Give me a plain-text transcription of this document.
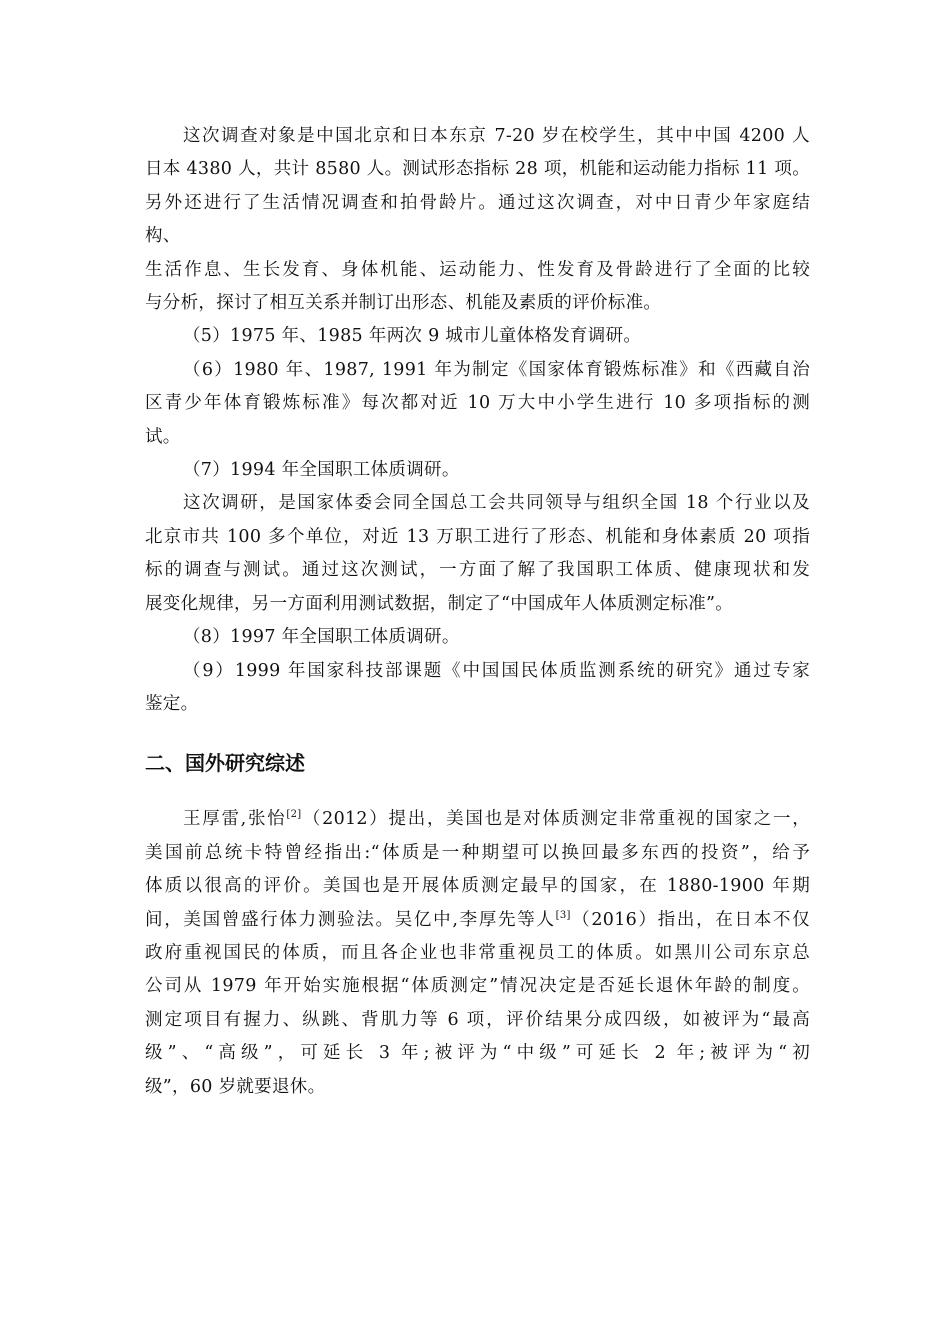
这次调查对象是中国北京和日本东京 7-20 岁在校学生，其中中国 4200 人
日本 4380 人，共计 8580 人。测试形态指标 28 项，机能和运动能力指标 11 项。
另外还进行了生活情况调查和拍骨龄片。通过这次调查，对中日青少年家庭结
构、
生活作息、生长发育、身体机能、运动能力、性发育及骨龄进行了全面的比较
与分析，探讨了相互关系并制订出形态、机能及素质的评价标准。

（5）1975 年、1985 年两次 9 城市儿童体格发育调研。

（6）1980 年、1987, 1991 年为制定《国家体育锻炼标准》和《西藏自治
区青少年体育锻炼标准》每次都对近 10 万大中小学生进行 10 多项指标的测
试。

（7）1994 年全国职工体质调研。

这次调研，是国家体委会同全国总工会共同领导与组织全国 18 个行业以及
北京市共 100 多个单位，对近 13 万职工进行了形态、机能和身体素质 20 项指
标的调查与测试。通过这次测试，一方面了解了我国职工体质、健康现状和发
展变化规律，另一方面利用测试数据，制定了“中国成年人体质测定标准”。

（8）1997 年全国职工体质调研。

（9）1999 年国家科技部课题《中国国民体质监测系统的研究》通过专家
鉴定。

二、国外研究综述

王厚雷,张怡[2]（2012）提出，美国也是对体质测定非常重视的国家之一，
美国前总统卡特曾经指出:“体质是一种期望可以换回最多东西的投资”，给予
体质以很高的评价。美国也是开展体质测定最早的国家，在 1880-1900 年期
间，美国曾盛行体力测验法。吴亿中,李厚先等人[3]（2016）指出，在日本不仅
政府重视国民的体质，而且各企业也非常重视员工的体质。如黑川公司东京总
公司从 1979 年开始实施根据“体质测定”情况决定是否延长退休年龄的制度。
测定项目有握力、纵跳、背肌力等 6 项，评价结果分成四级，如被评为“最高
级”、“高级”，可延长 3 年;被评为“中级”可延长 2 年;被评为“初
级”，60 岁就要退休。
